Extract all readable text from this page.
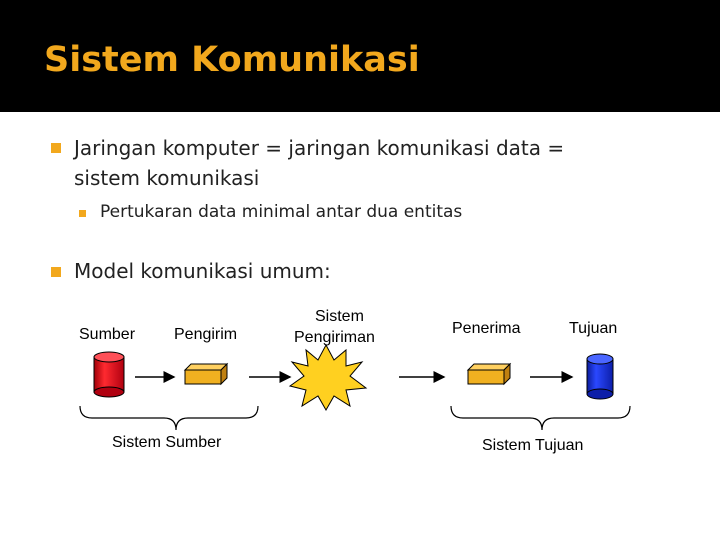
Sistem Komunikasi
Jaringan komputer = jaringan komunikasi data =
sistem komunikasi
Pertukaran data minimal antar dua entitas
Model komunikasi umum:
Sumber Pengirim
Sistem
Pengiriman
Penerima	Tujuan
Sistem Sumber	Sistem Tujuan
